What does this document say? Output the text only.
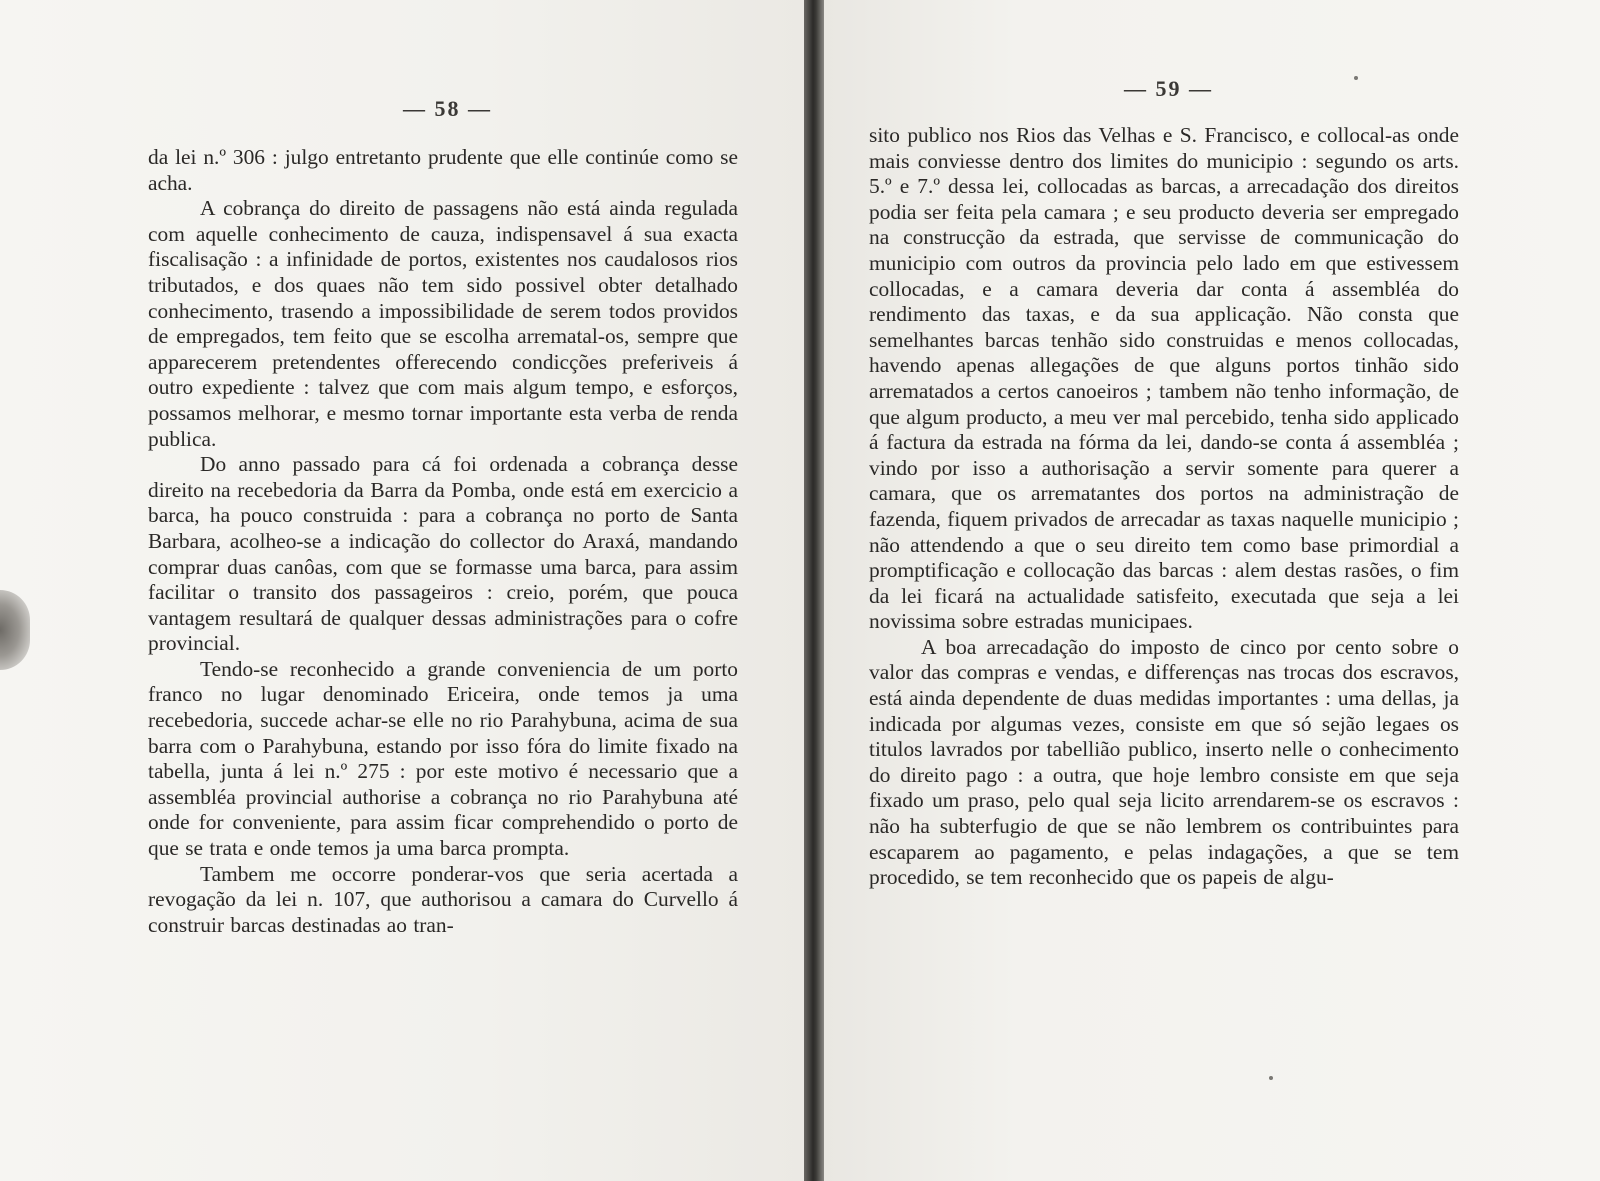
— 58 —

da lei n.º 306 : julgo entretanto prudente que elle continúe como se acha.

A cobrança do direito de passagens não está ainda regulada com aquelle conhecimento de cauza, indispensavel á sua exacta fiscalisação : a infinidade de portos, existentes nos caudalosos rios tributados, e dos quaes não tem sido possivel obter detalhado conhecimento, trasendo a impossibilidade de serem todos providos de empregados, tem feito que se escolha arrematal-os, sempre que apparecerem pretendentes offerecendo condicções preferiveis á outro expediente : talvez que com mais algum tempo, e esforços, possamos melhorar, e mesmo tornar importante esta verba de renda publica.

Do anno passado para cá foi ordenada a cobrança desse direito na recebedoria da Barra da Pomba, onde está em exercicio a barca, ha pouco construida : para a cobrança no porto de Santa Barbara, acolheo-se a indicação do collector do Araxá, mandando comprar duas canôas, com que se formasse uma barca, para assim facilitar o transito dos passageiros : creio, porém, que pouca vantagem resultará de qualquer dessas administrações para o cofre provincial.

Tendo-se reconhecido a grande conveniencia de um porto franco no lugar denominado Ericeira, onde temos ja uma recebedoria, succede achar-se elle no rio Parahybuna, acima de sua barra com o Parahybuna, estando por isso fóra do limite fixado na tabella, junta á lei n.º 275 : por este motivo é necessario que a assembléa provincial authorise a cobrança no rio Parahybuna até onde for conveniente, para assim ficar comprehendido o porto de que se trata e onde temos ja uma barca prompta.

Tambem me occorre ponderar-vos que seria acertada a revogação da lei n. 107, que authorisou a camara do Curvello á construir barcas destinadas ao tran-

— 59 —

sito publico nos Rios das Velhas e S. Francisco, e collocal-as onde mais conviesse dentro dos limites do municipio : segundo os arts. 5.º e 7.º dessa lei, collocadas as barcas, a arrecadação dos direitos podia ser feita pela camara ; e seu producto deveria ser empregado na construcção da estrada, que servisse de communicação do municipio com outros da provincia pelo lado em que estivessem collocadas, e a camara deveria dar conta á assembléa do rendimento das taxas, e da sua applicação. Não consta que semelhantes barcas tenhão sido construidas e menos collocadas, havendo apenas allegações de que alguns portos tinhão sido arrematados a certos canoeiros ; tambem não tenho informação, de que algum producto, a meu ver mal percebido, tenha sido applicado á factura da estrada na fórma da lei, dando-se conta á assembléa ; vindo por isso a authorisação a servir somente para querer a camara, que os arrematantes dos portos na administração de fazenda, fiquem privados de arrecadar as taxas naquelle municipio ; não attendendo a que o seu direito tem como base primordial a promptificação e collocação das barcas : alem destas rasões, o fim da lei ficará na actualidade satisfeito, executada que seja a lei novissima sobre estradas municipaes.

A boa arrecadação do imposto de cinco por cento sobre o valor das compras e vendas, e differenças nas trocas dos escravos, está ainda dependente de duas medidas importantes : uma dellas, ja indicada por algumas vezes, consiste em que só sejão legaes os titulos lavrados por tabellião publico, inserto nelle o conhecimento do direito pago : a outra, que hoje lembro consiste em que seja fixado um praso, pelo qual seja licito arrendarem-se os escravos : não ha subterfugio de que se não lembrem os contribuintes para escaparem ao pagamento, e pelas indagações, a que se tem procedido, se tem reconhecido que os papeis de algu-
